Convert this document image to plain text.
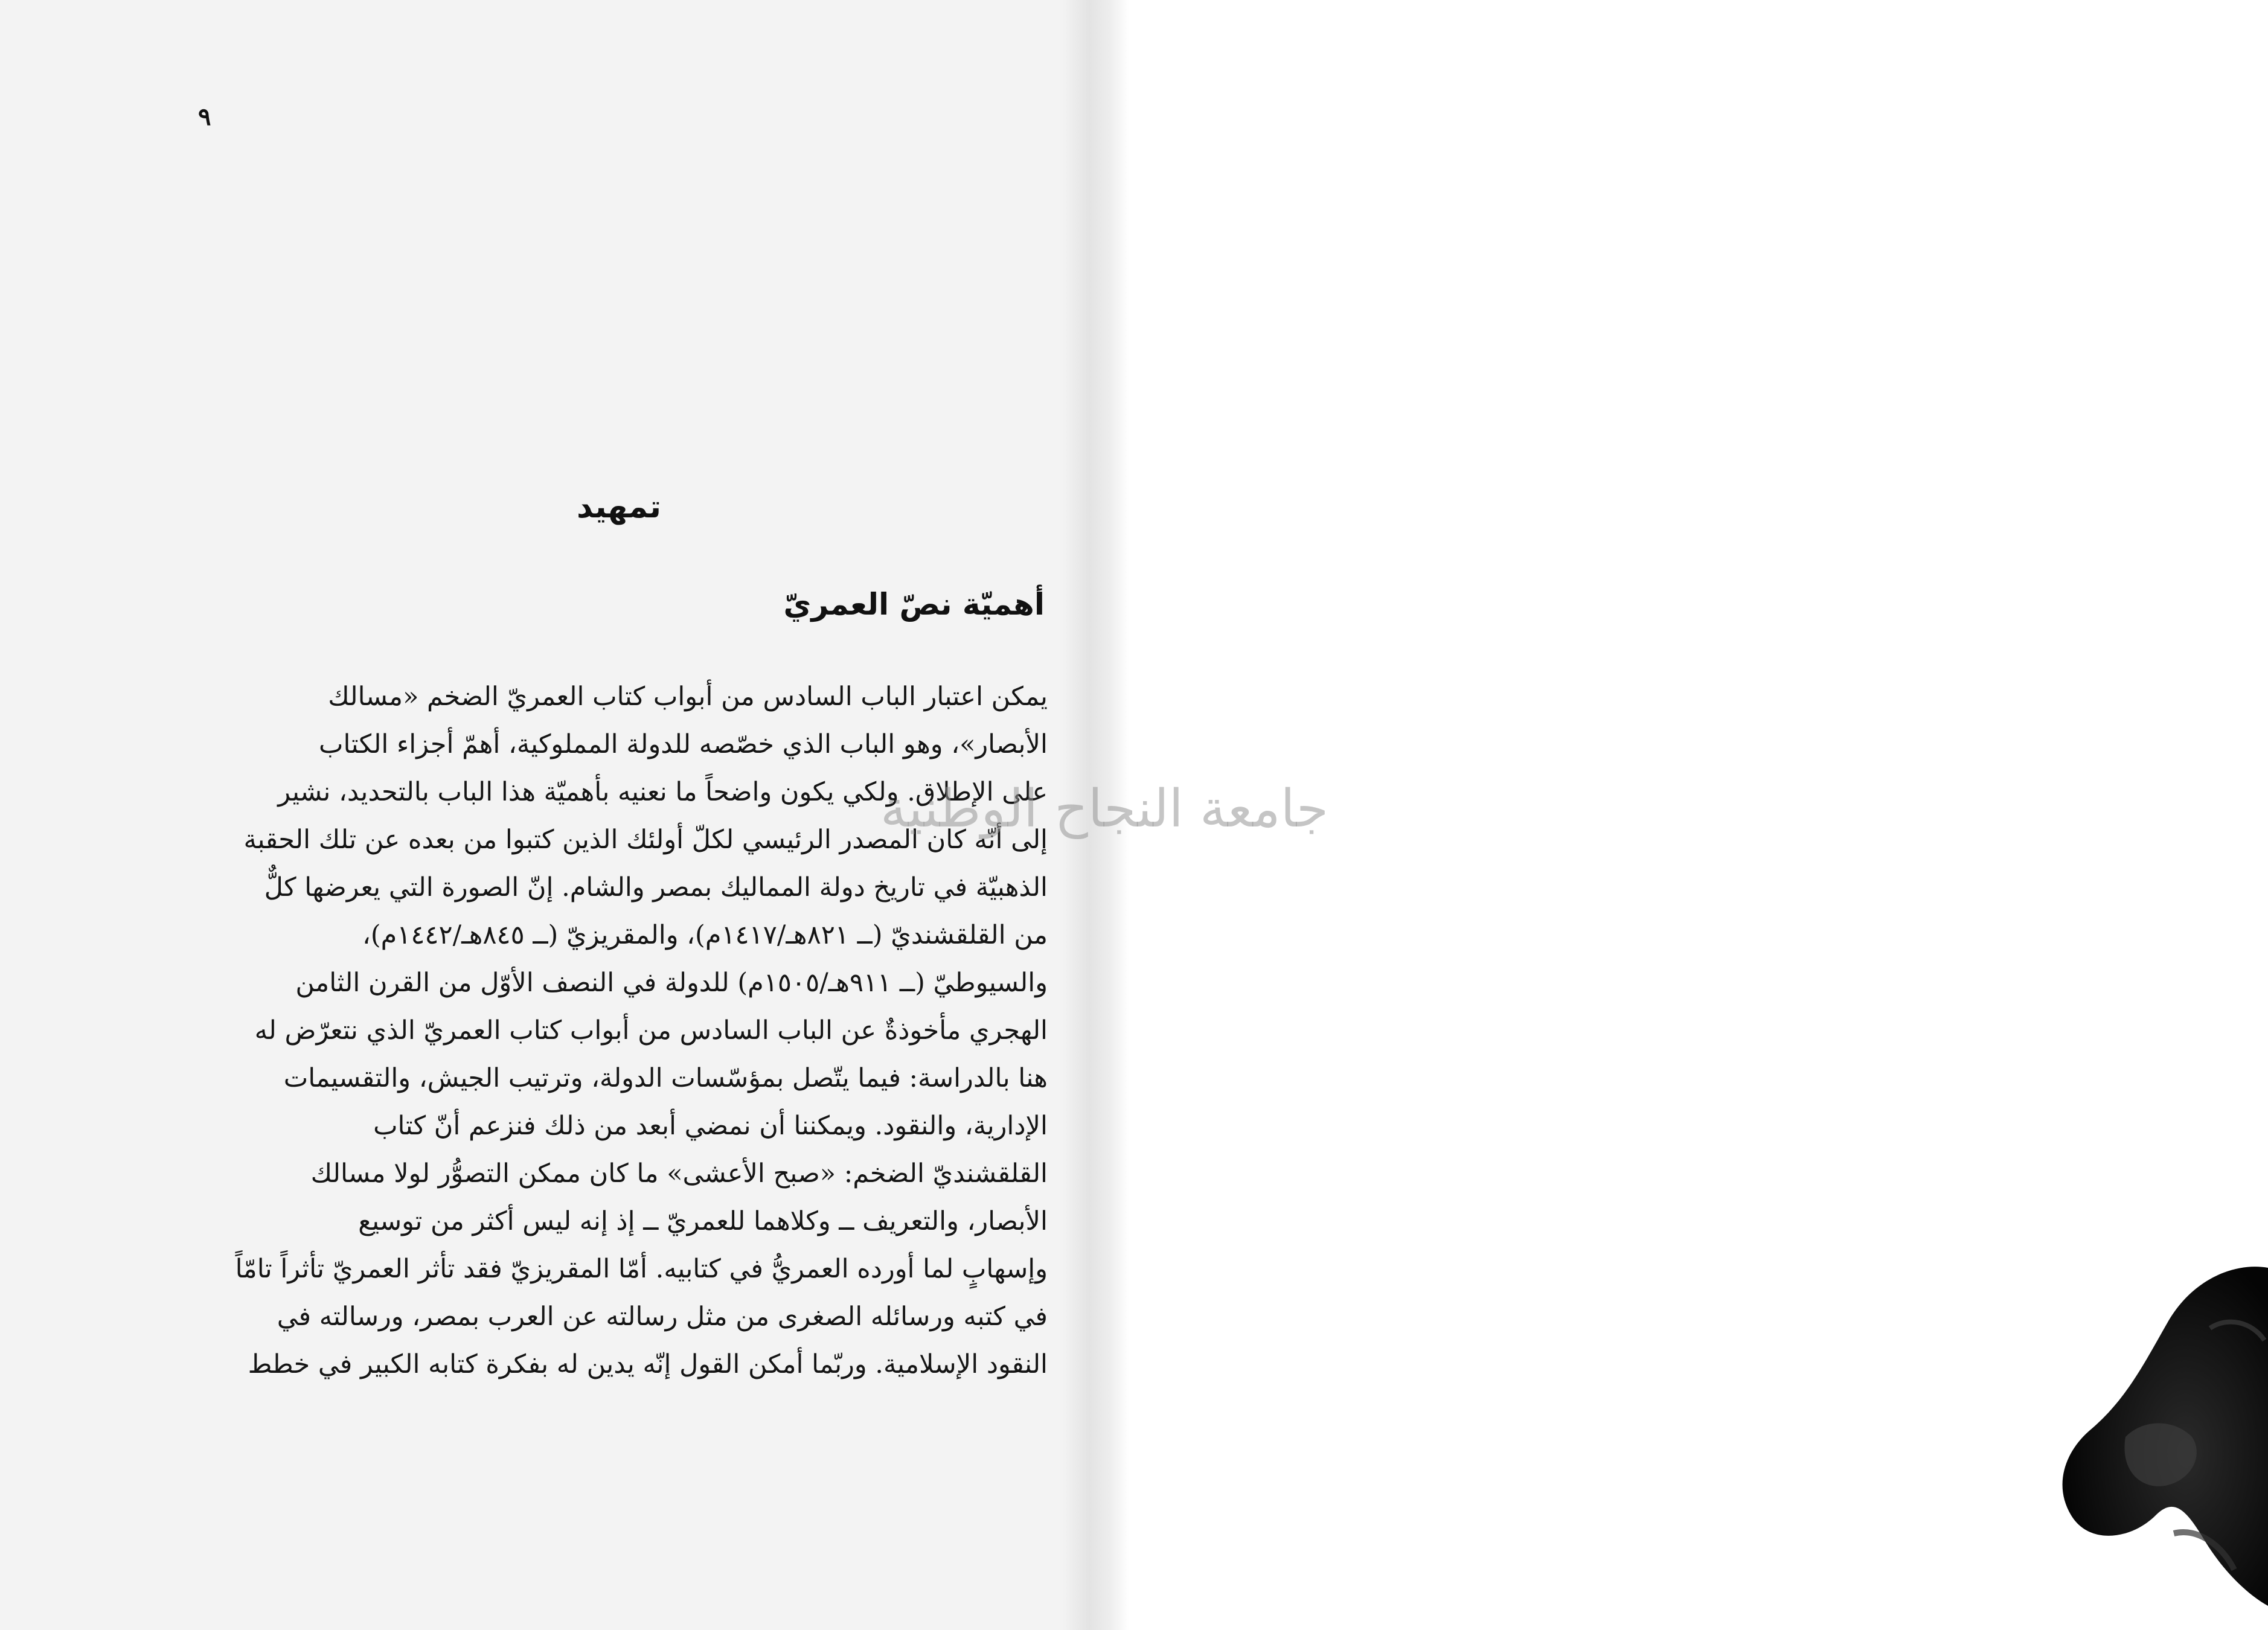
٩
تمهيد
أهميّة نصّ العمريّ
يمكن اعتبار الباب السادس من أبواب كتاب العمريّ الضخم «مسالك
الأبصار»، وهو الباب الذي خصّصه للدولة المملوكية، أهمّ أجزاء الكتاب
على الإطلاق. ولكي يكون واضحاً ما نعنيه بأهميّة هذا الباب بالتحديد، نشير
إلى أنّه كان المصدر الرئيسي لكلّ أولئك الذين كتبوا من بعده عن تلك الحقبة
الذهبيّة في تاريخ دولة المماليك بمصر والشام. إنّ الصورة التي يعرضها كلٌّ
من القلقشنديّ (ــ ٨٢١هـ/١٤١٧م)، والمقريزيّ (ــ ٨٤٥هـ/١٤٤٢م)،
والسيوطيّ (ــ ٩١١هـ/١٥٠٥م) للدولة في النصف الأوّل من القرن الثامن
الهجري مأخوذةٌ عن الباب السادس من أبواب كتاب العمريّ الذي نتعرّض له
هنا بالدراسة: فيما يتّصل بمؤسّسات الدولة، وترتيب الجيش، والتقسيمات
الإدارية، والنقود. ويمكننا أن نمضي أبعد من ذلك فنزعم أنّ كتاب
القلقشنديّ الضخم: «صبح الأعشى» ما كان ممكن التصوُّر لولا مسالك
الأبصار، والتعريف ــ وكلاهما للعمريّ ــ إذ إنه ليس أكثر من توسيع
وإسهابٍ لما أورده العمريُّ في كتابيه. أمّا المقريزيّ فقد تأثر العمريّ تأثراً تامّاً
في كتبه ورسائله الصغرى من مثل رسالته عن العرب بمصر، ورسالته في
النقود الإسلامية. وربّما أمكن القول إنّه يدين له بفكرة كتابه الكبير في خطط
جامعة النجاح الوطنية
